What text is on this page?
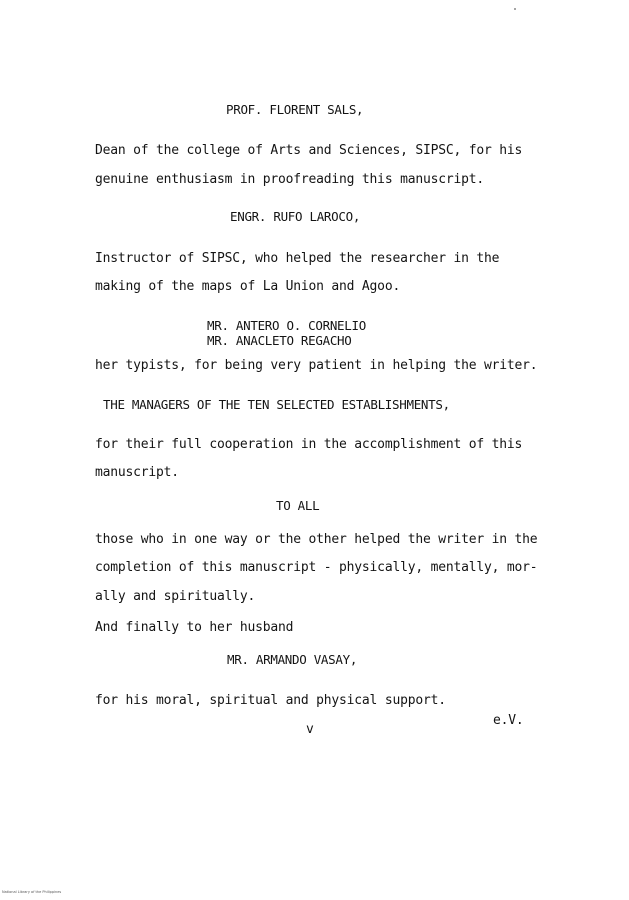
PROF. FLORENT SALS,

Dean of the college of Arts and Sciences, SIPSC, for his

genuine enthusiasm in proofreading this manuscript.

ENGR. RUFO LAROCO,

Instructor of SIPSC, who helped the researcher in the

making of the maps of La Union and Agoo.

MR. ANTERO O. CORNELIO

MR. ANACLETO REGACHO

her typists, for being very patient in helping the writer.

THE MANAGERS OF THE TEN SELECTED ESTABLISHMENTS,

for their full cooperation in the accomplishment of this

manuscript.

TO ALL

those who in one way or the other helped the writer in the

completion of this manuscript - physically, mentally, mor-

ally and spiritually.

And finally to her husband

MR. ARMANDO VASAY,

for his moral, spiritual and physical support.

v

e.V.

National Library of the Philippines
